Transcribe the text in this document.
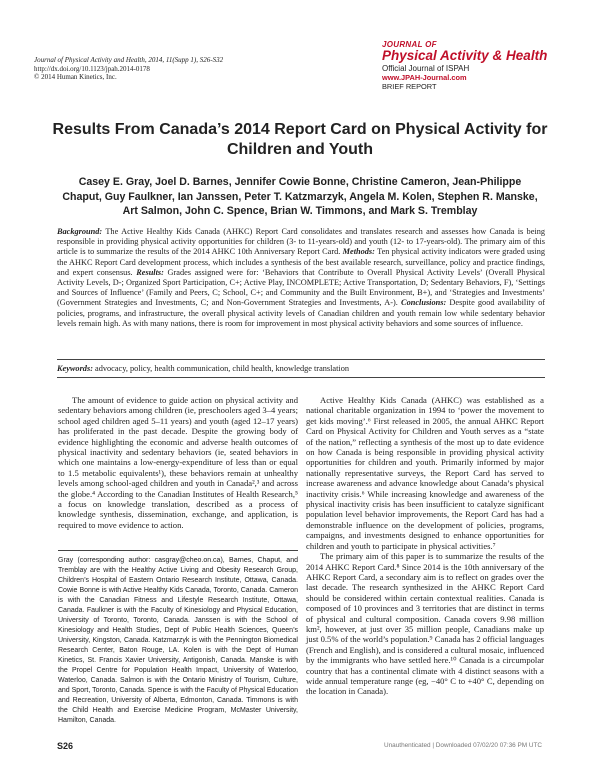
Journal of Physical Activity and Health, 2014, 11(Supp 1), S26-S32
http://dx.doi.org/10.1123/jpah.2014-0178
© 2014 Human Kinetics, Inc.
JOURNAL OF
Physical Activity & Health
Official Journal of ISPAH
www.JPAH-Journal.com
BRIEF REPORT
Results From Canada’s 2014 Report Card on Physical Activity for Children and Youth
Casey E. Gray, Joel D. Barnes, Jennifer Cowie Bonne, Christine Cameron, Jean-Philippe Chaput, Guy Faulkner, Ian Janssen, Peter T. Katzmarzyk, Angela M. Kolen, Stephen R. Manske, Art Salmon, John C. Spence, Brian W. Timmons, and Mark S. Tremblay
Background: The Active Healthy Kids Canada (AHKC) Report Card consolidates and translates research and assesses how Canada is being responsible in providing physical activity opportunities for children (3- to 11-years-old) and youth (12- to 17-years-old). The primary aim of this article is to summarize the results of the 2014 AHKC 10th Anniversary Report Card. Methods: Ten physical activity indicators were graded using the AHKC Report Card development process, which includes a synthesis of the best available research, surveillance, policy and practice findings, and expert consensus. Results: Grades assigned were for: ‘Behaviors that Contribute to Overall Physical Activity Levels’ (Overall Physical Activity Levels, D-; Organized Sport Participation, C+; Active Play, INCOMPLETE; Active Transportation, D; Sedentary Behaviors, F), ‘Settings and Sources of Influence’ (Family and Peers, C; School, C+; and Community and the Built Environment, B+), and ‘Strategies and Investments’ (Government Strategies and Investments, C; and Non-Government Strategies and Investments, A-). Conclusions: Despite good availability of policies, programs, and infrastructure, the overall physical activity levels of Canadian children and youth remain low while sedentary behavior levels remain high. As with many nations, there is room for improvement in most physical activity behaviors and some sources of influence.
Keywords: advocacy, policy, health communication, child health, knowledge translation

The amount of evidence to guide action on physical activity and sedentary behaviors among children (ie, preschoolers aged 3–4 years; school aged children aged 5–11 years) and youth (aged 12–17 years) has proliferated in the past decade. Despite the growing body of evidence highlighting the economic and adverse health outcomes of physical inactivity and sedentary behaviors (ie, seated behaviors in which one maintains a low-energy-expenditure of less than or equal to 1.5 metabolic equivalents¹), these behaviors remain at unhealthy levels among school-aged children and youth in Canada²,³ and across the globe.⁴ According to the Canadian Institutes of Health Research,⁵ a focus on knowledge translation, described as a process of knowledge synthesis, dissemination, exchange, and application, is required to move evidence to action.

Gray (corresponding author: casgray@cheo.on.ca), Barnes, Chaput, and Tremblay are with the Healthy Active Living and Obesity Research Group, Children’s Hospital of Eastern Ontario Research Institute, Ottawa, Canada. Cowie Bonne is with Active Healthy Kids Canada, Toronto, Canada. Cameron is with the Canadian Fitness and Lifestyle Research Institute, Ottawa, Canada. Faulkner is with the Faculty of Kinesiology and Physical Education, University of Toronto, Toronto, Canada. Janssen is with the School of Kinesiology and Health Studies, Dept of Public Health Sciences, Queen’s University, Kingston, Canada. Katzmarzyk is with the Pennington Biomedical Research Center, Baton Rouge, LA. Kolen is with the Dept of Human Kinetics, St. Francis Xavier University, Antigonish, Canada. Manske is with the Propel Centre for Population Health Impact, University of Waterloo, Waterloo, Canada. Salmon is with the Ontario Ministry of Tourism, Culture, and Sport, Toronto, Canada. Spence is with the Faculty of Physical Education and Recreation, University of Alberta, Edmonton, Canada. Timmons is with the Child Health and Exercise Medicine Program, McMaster University, Hamilton, Canada.

Active Healthy Kids Canada (AHKC) was established as a national charitable organization in 1994 to ‘power the movement to get kids moving’.⁶ First released in 2005, the annual AHKC Report Card on Physical Activity for Children and Youth serves as a “state of the nation,” reflecting a synthesis of the most up to date evidence on how Canada is being responsible in providing physical activity opportunities for children and youth. Primarily informed by major nationally representative surveys, the Report Card has served to increase awareness and advance knowledge about Canada’s physical inactivity crisis.⁶ While increasing knowledge and awareness of the physical inactivity crisis has been insufficient to catalyze significant population level behavior improvements, the Report Card has had a demonstrable influence on the development of policies, programs, campaigns, and investments designed to enhance opportunities for children and youth to participate in physical activities.⁷

The primary aim of this paper is to summarize the results of the 2014 AHKC Report Card.⁸ Since 2014 is the 10th anniversary of the AHKC Report Card, a secondary aim is to reflect on grades over the last decade. The research synthesized in the AHKC Report Card should be considered within certain contextual realities. Canada is composed of 10 provinces and 3 territories that are distinct in terms of physical and cultural composition. Canada covers 9.98 million km², however, at just over 35 million people, Canadians make up just 0.5% of the world’s population.⁹ Canada has 2 official languages (French and English), and is considered a cultural mosaic, influenced by the immigrants who have settled here.¹⁰ Canada is a circumpolar country that has a continental climate with 4 distinct seasons with a wide annual temperature range (eg, −40° C to +40° C, depending on the location in Canada).

S26	Unauthenticated | Downloaded 07/02/20 07:36 PM UTC
